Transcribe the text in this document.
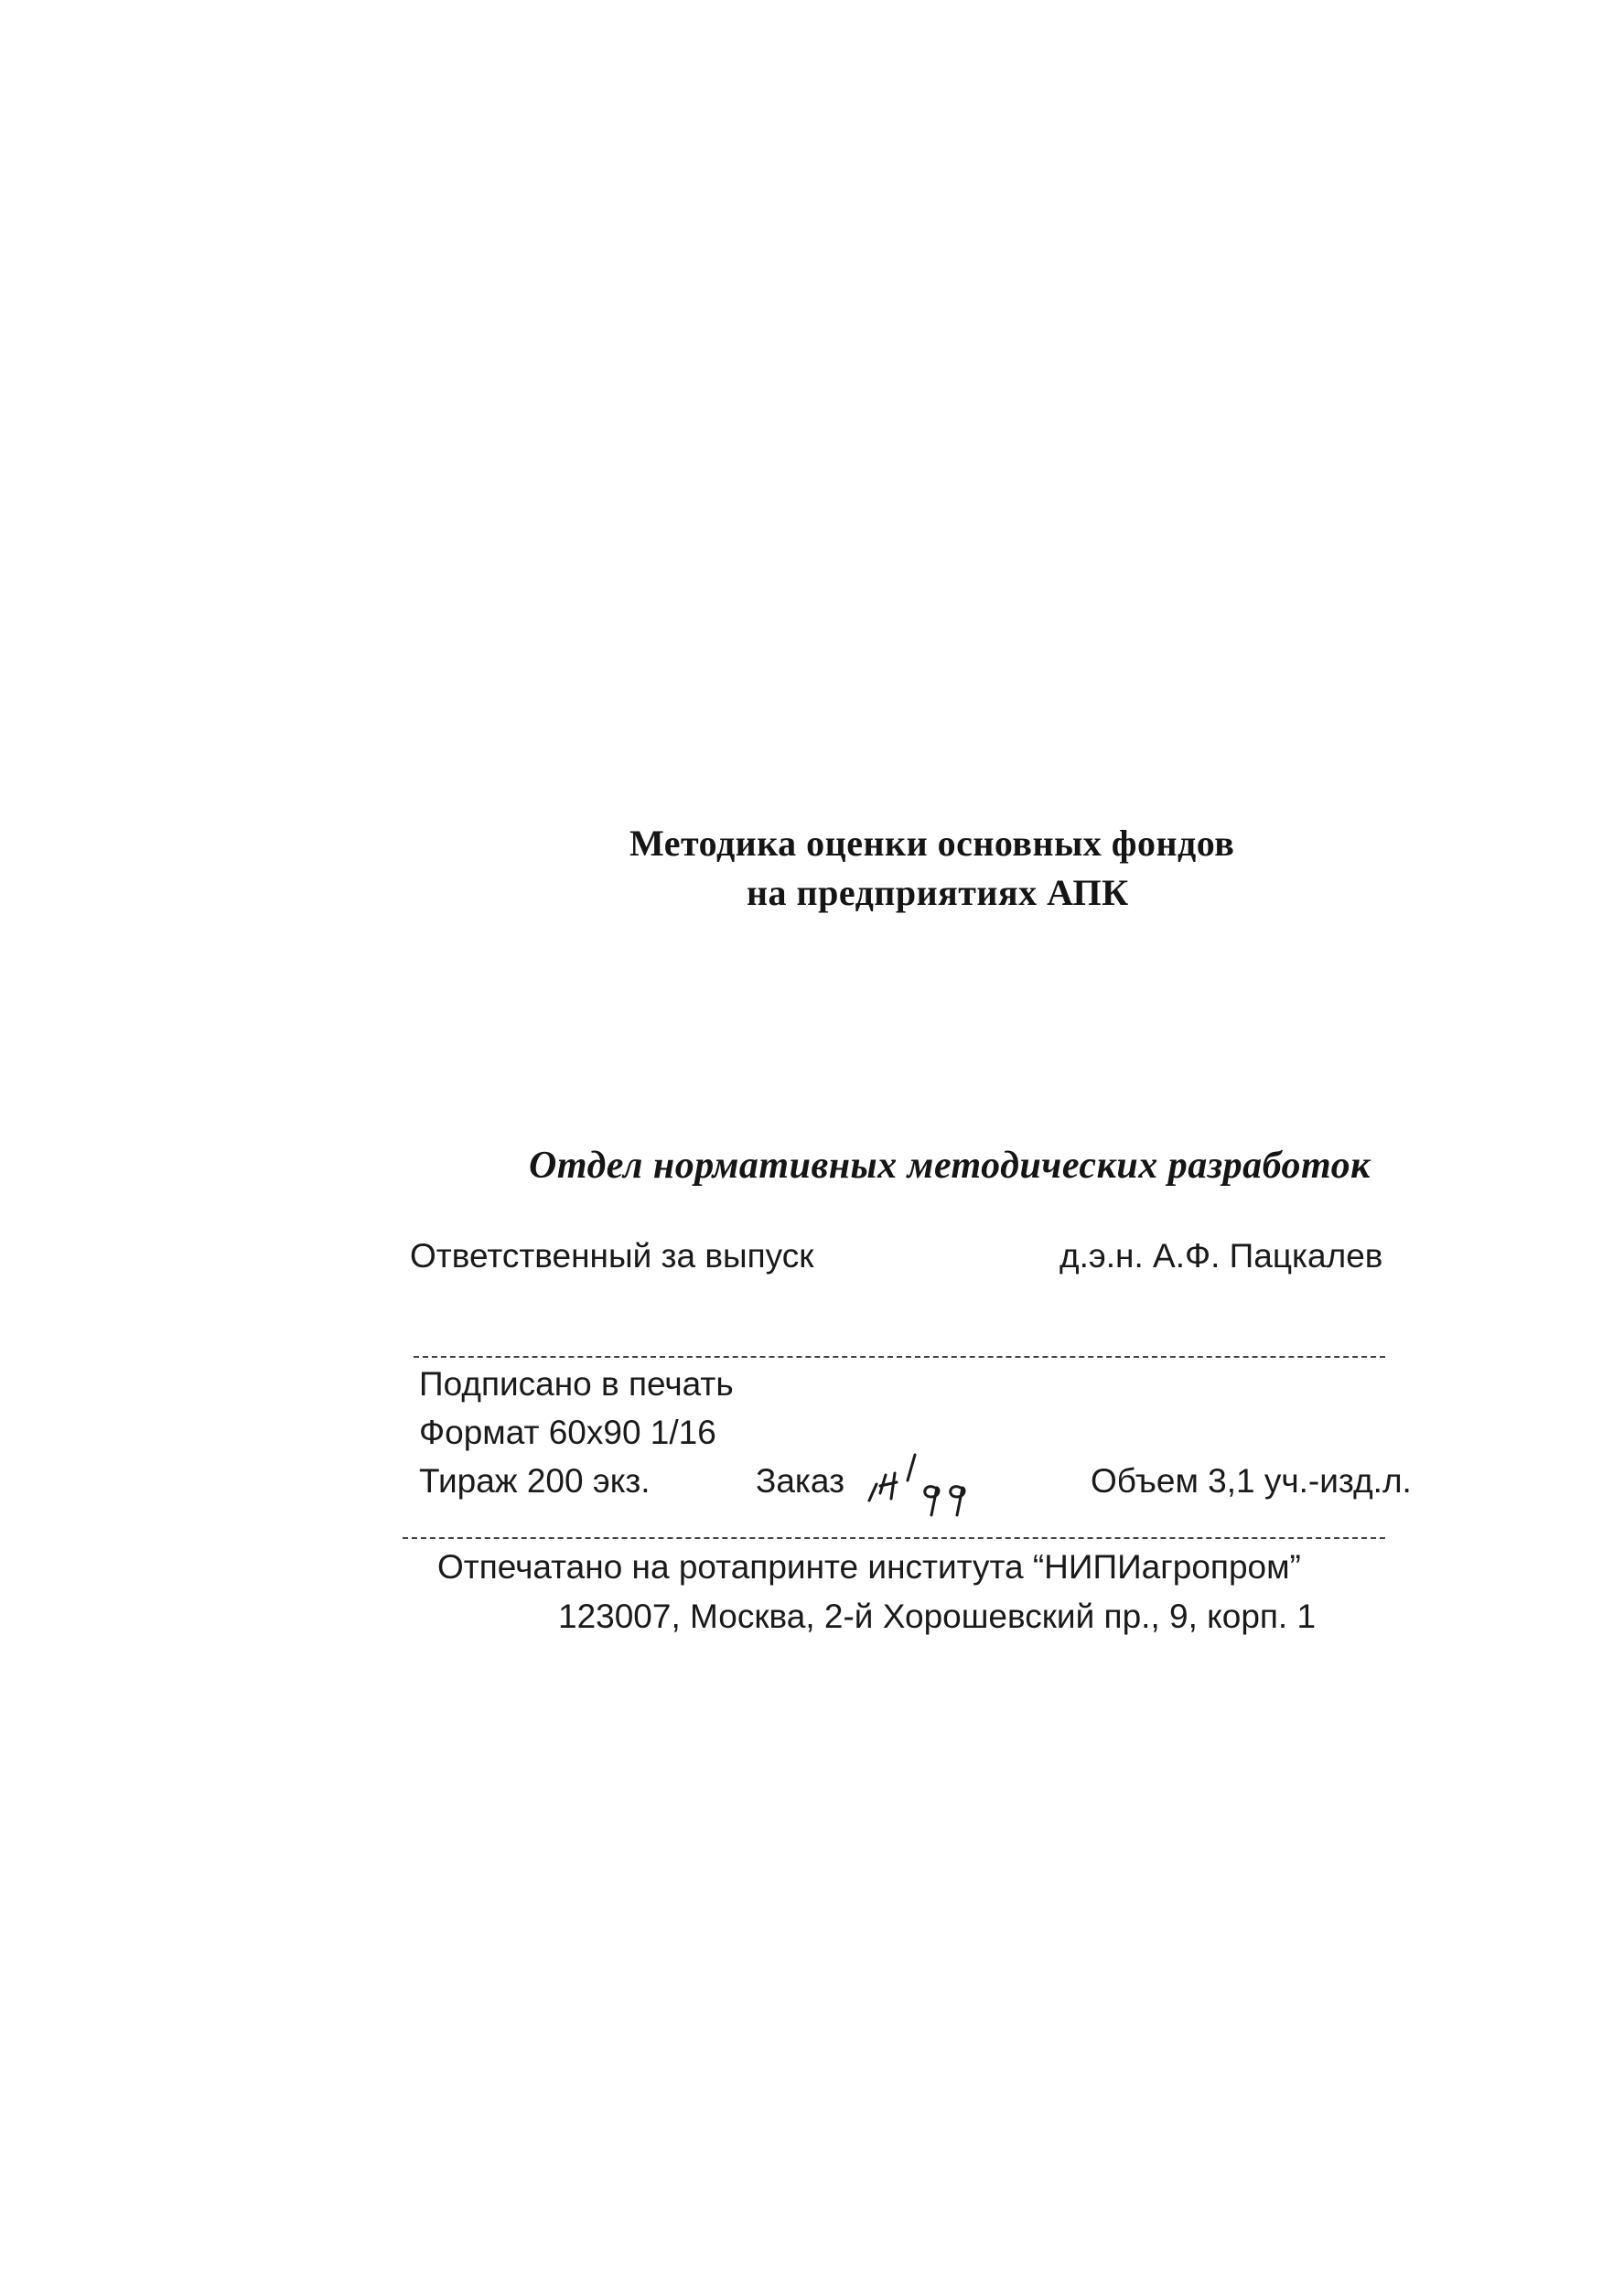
Методика оценки основных фондов
на предприятиях АПК
Отдел нормативных методических разработок
Ответственный за выпуск	д.э.н. А.Ф. Пацкалев
Подписано в печать
Формат 60х90 1/16
Тираж 200 экз.	Заказ	Объем 3,1 уч.-изд.л.
Отпечатано на ротапринте института “НИПИагропром”
123007, Москва, 2-й Хорошевский пр., 9, корп. 1
